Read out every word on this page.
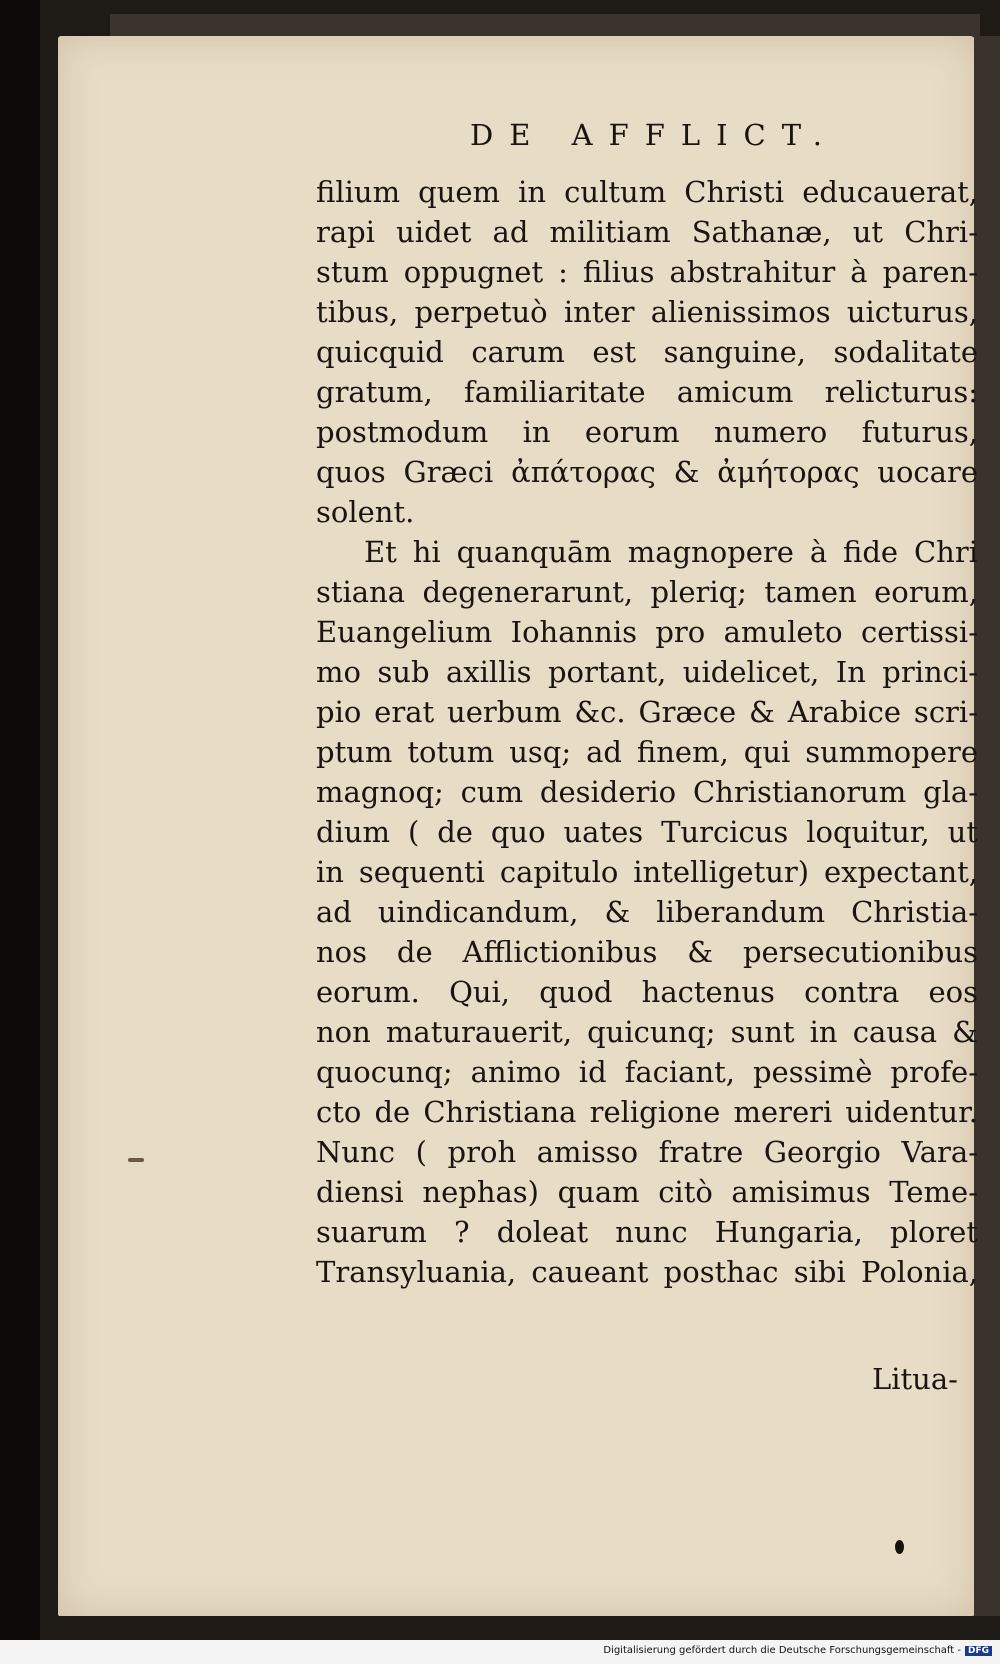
DE AFFLICT.
filium quem in cultum Christi educauerat,
rapi uidet ad militiam Sathanæ, ut Chri-
stum oppugnet : filius abstrahitur à paren-
tibus, perpetuò inter alienissimos uicturus,
quicquid carum est sanguine, sodalitate
gratum, familiaritate amicum relicturus:
postmodum in eorum numero futurus,
quos Græci ἀπάτορας & ἀμήτορας uocare
solent.
Et hi quanquām magnopere à fide Chri
stiana degenerarunt, pleriq; tamen eorum,
Euangelium Iohannis pro amuleto certissi-
mo sub axillis portant, uidelicet, In princi-
pio erat uerbum &c. Græce & Arabice scri-
ptum totum usq; ad finem, qui summopere
magnoq; cum desiderio Christianorum gla-
dium ( de quo uates Turcicus loquitur, ut
in sequenti capitulo intelligetur) expectant,
ad uindicandum, & liberandum Christia-
nos de Afflictionibus & persecutionibus
eorum. Qui, quod hactenus contra eos
non maturauerit, quicunq; sunt in causa &
quocunq; animo id faciant, pessimè profe-
cto de Christiana religione mereri uidentur.
Nunc ( proh amisso fratre Georgio Vara-
diensi nephas) quam citò amisimus Teme-
suarum ? doleat nunc Hungaria, ploret
Transyluania, caueant posthac sibi Polonia,
Litua-
Digitalisierung gefördert durch die Deutsche Forschungsgemeinschaft - DFG
